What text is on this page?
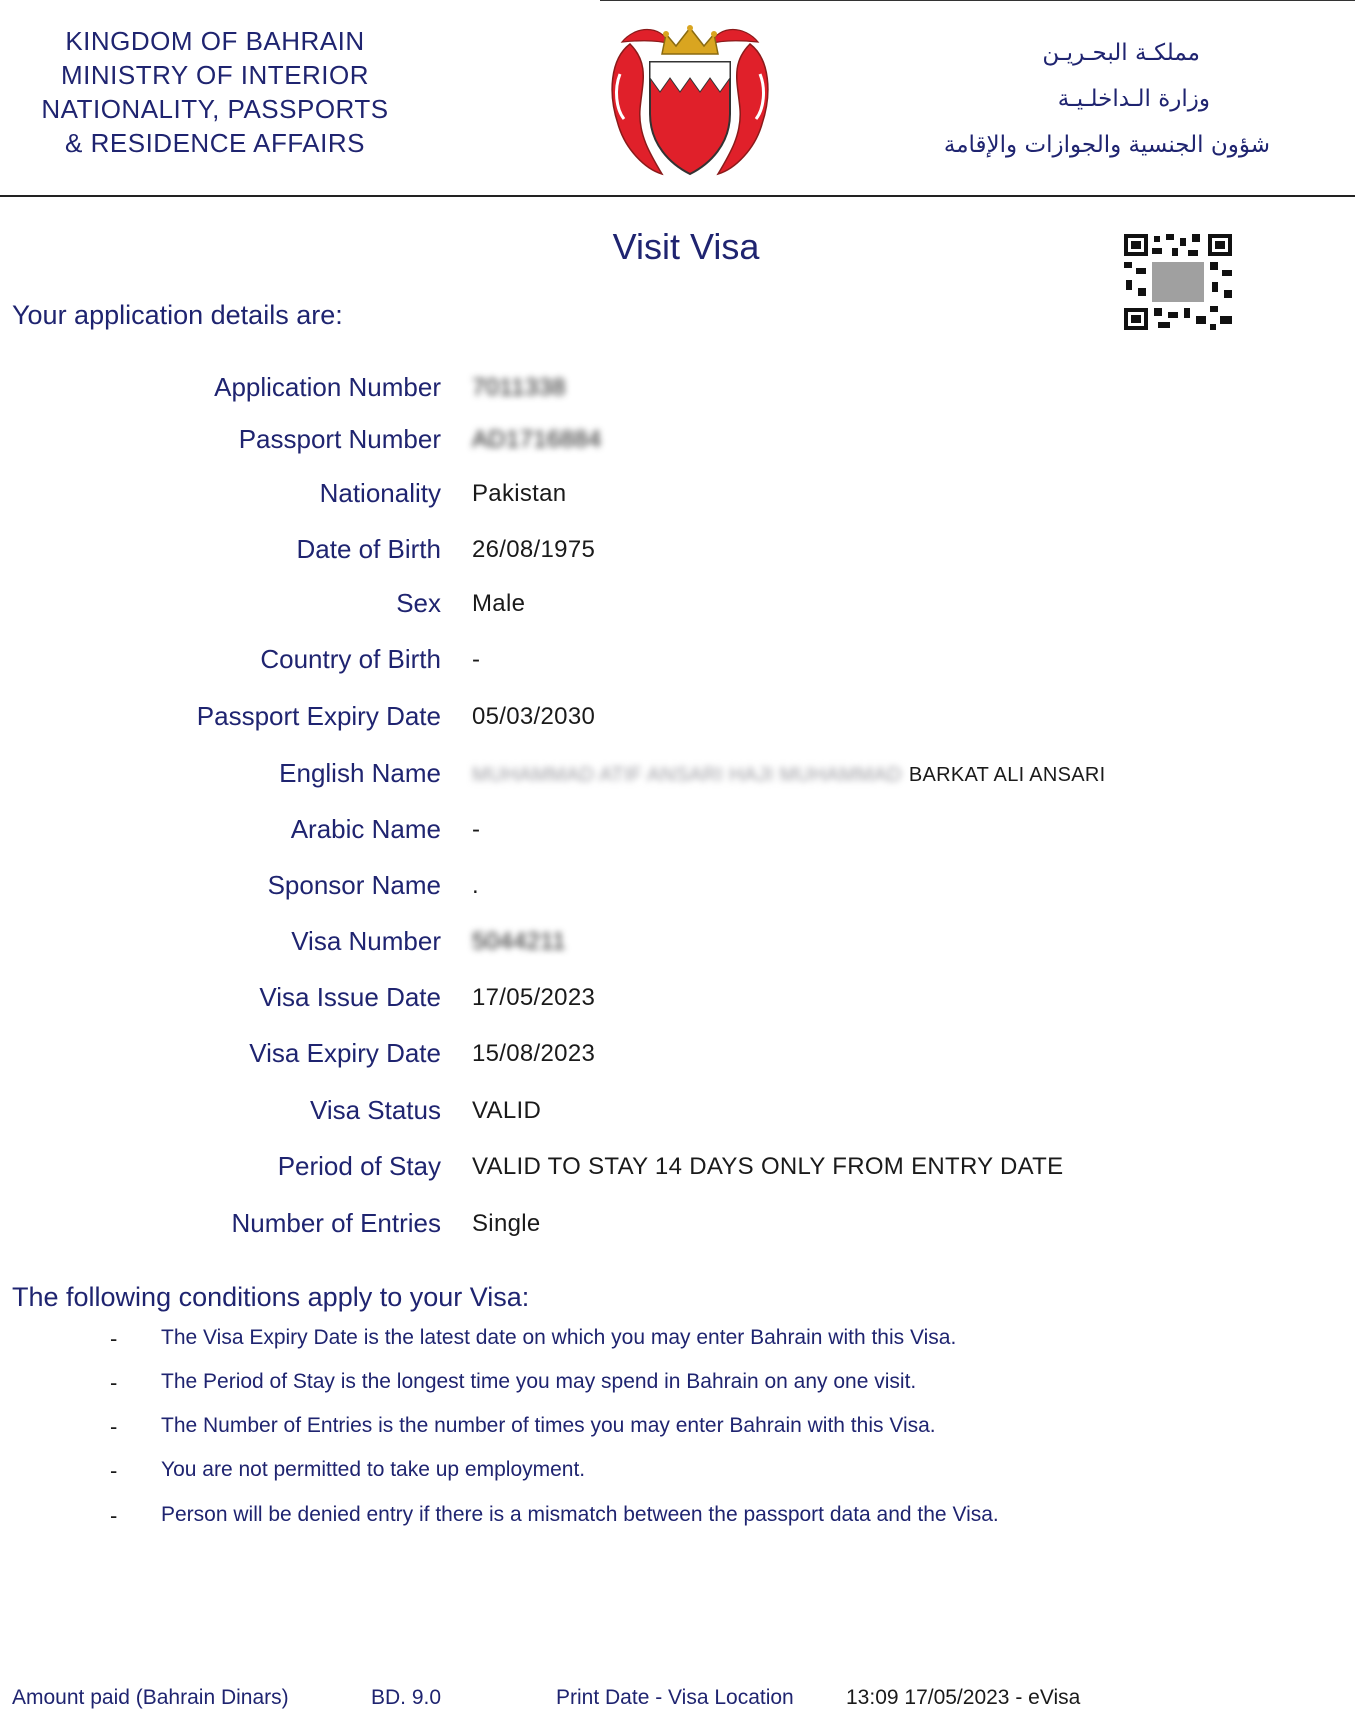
KINGDOM OF BAHRAIN
MINISTRY OF INTERIOR
NATIONALITY, PASSPORTS
& RESIDENCE AFFAIRS
مملكـة البحـريـن
وزارة الـداخلـيـة
شؤون الجنسية والجوازات والإقامة
Visit Visa
Your application details are:
Application Number 7011338
Passport Number AD1716884
Nationality Pakistan
Date of Birth 26/08/1975
Sex Male
Country of Birth -
Passport Expiry Date 05/03/2030
English Name MUHAMMAD ATIF ANSARI HAJI MUHAMMAD BARKAT ALI ANSARI
Arabic Name -
Sponsor Name .
Visa Number 5044211
Visa Issue Date 17/05/2023
Visa Expiry Date 15/08/2023
Visa Status VALID
Period of Stay VALID TO STAY 14 DAYS ONLY FROM ENTRY DATE
Number of Entries Single
The following conditions apply to your Visa:
- The Visa Expiry Date is the latest date on which you may enter Bahrain with this Visa.
- The Period of Stay is the longest time you may spend in Bahrain on any one visit.
- The Number of Entries is the number of times you may enter Bahrain with this Visa.
- You are not permitted to take up employment.
- Person will be denied entry if there is a mismatch between the passport data and the Visa.
Amount paid (Bahrain Dinars)	BD. 9.0	Print Date - Visa Location 13:09 17/05/2023 - eVisa
